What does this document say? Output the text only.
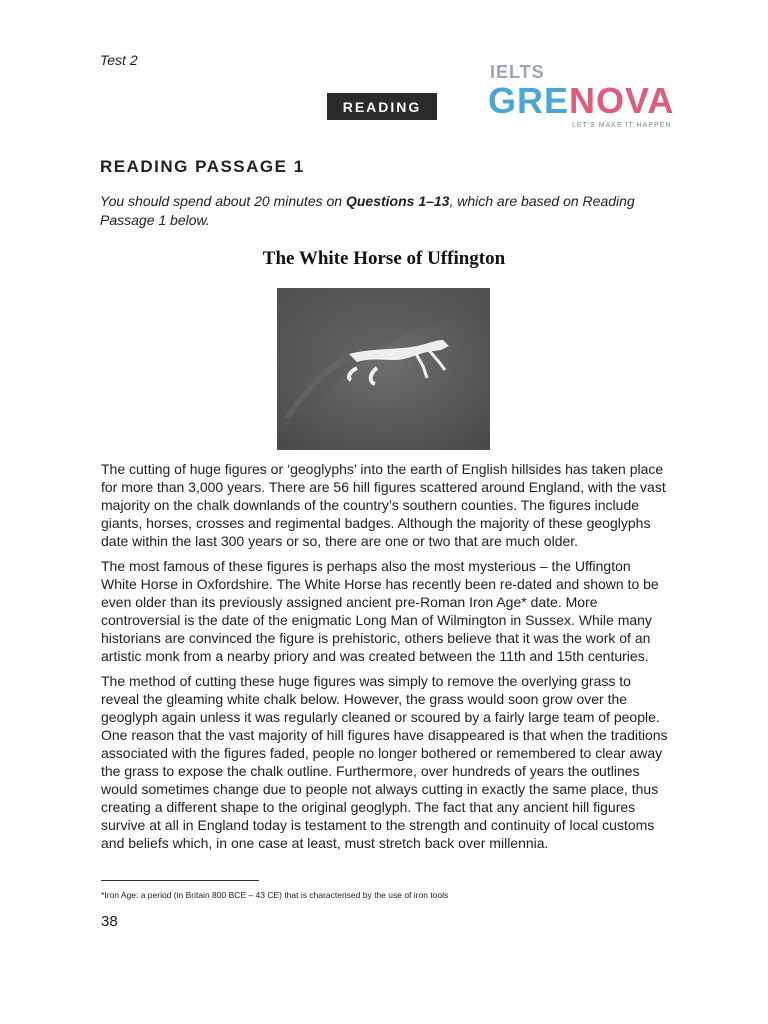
Test 2
READING
IELTS
GRENOVA
LET'S MAKE IT HAPPEN
READING PASSAGE 1
You should spend about 20 minutes on Questions 1–13, which are based on Reading Passage 1 below.
The White Horse of Uffington

The cutting of huge figures or ‘geoglyphs’ into the earth of English hillsides has taken place for more than 3,000 years. There are 56 hill figures scattered around England, with the vast majority on the chalk downlands of the country’s southern counties. The figures include giants, horses, crosses and regimental badges. Although the majority of these geoglyphs date within the last 300 years or so, there are one or two that are much older.

The most famous of these figures is perhaps also the most mysterious – the Uffington White Horse in Oxfordshire. The White Horse has recently been re-dated and shown to be even older than its previously assigned ancient pre-Roman Iron Age* date. More controversial is the date of the enigmatic Long Man of Wilmington in Sussex. While many historians are convinced the figure is prehistoric, others believe that it was the work of an artistic monk from a nearby priory and was created between the 11th and 15th centuries.

The method of cutting these huge figures was simply to remove the overlying grass to reveal the gleaming white chalk below. However, the grass would soon grow over the geoglyph again unless it was regularly cleaned or scoured by a fairly large team of people. One reason that the vast majority of hill figures have disappeared is that when the traditions associated with the figures faded, people no longer bothered or remembered to clear away the grass to expose the chalk outline. Furthermore, over hundreds of years the outlines would sometimes change due to people not always cutting in exactly the same place, thus creating a different shape to the original geoglyph. The fact that any ancient hill figures survive at all in England today is testament to the strength and continuity of local customs and beliefs which, in one case at least, must stretch back over millennia.

*Iron Age: a period (in Britain 800 BCE – 43 CE) that is characterised by the use of iron tools
38
